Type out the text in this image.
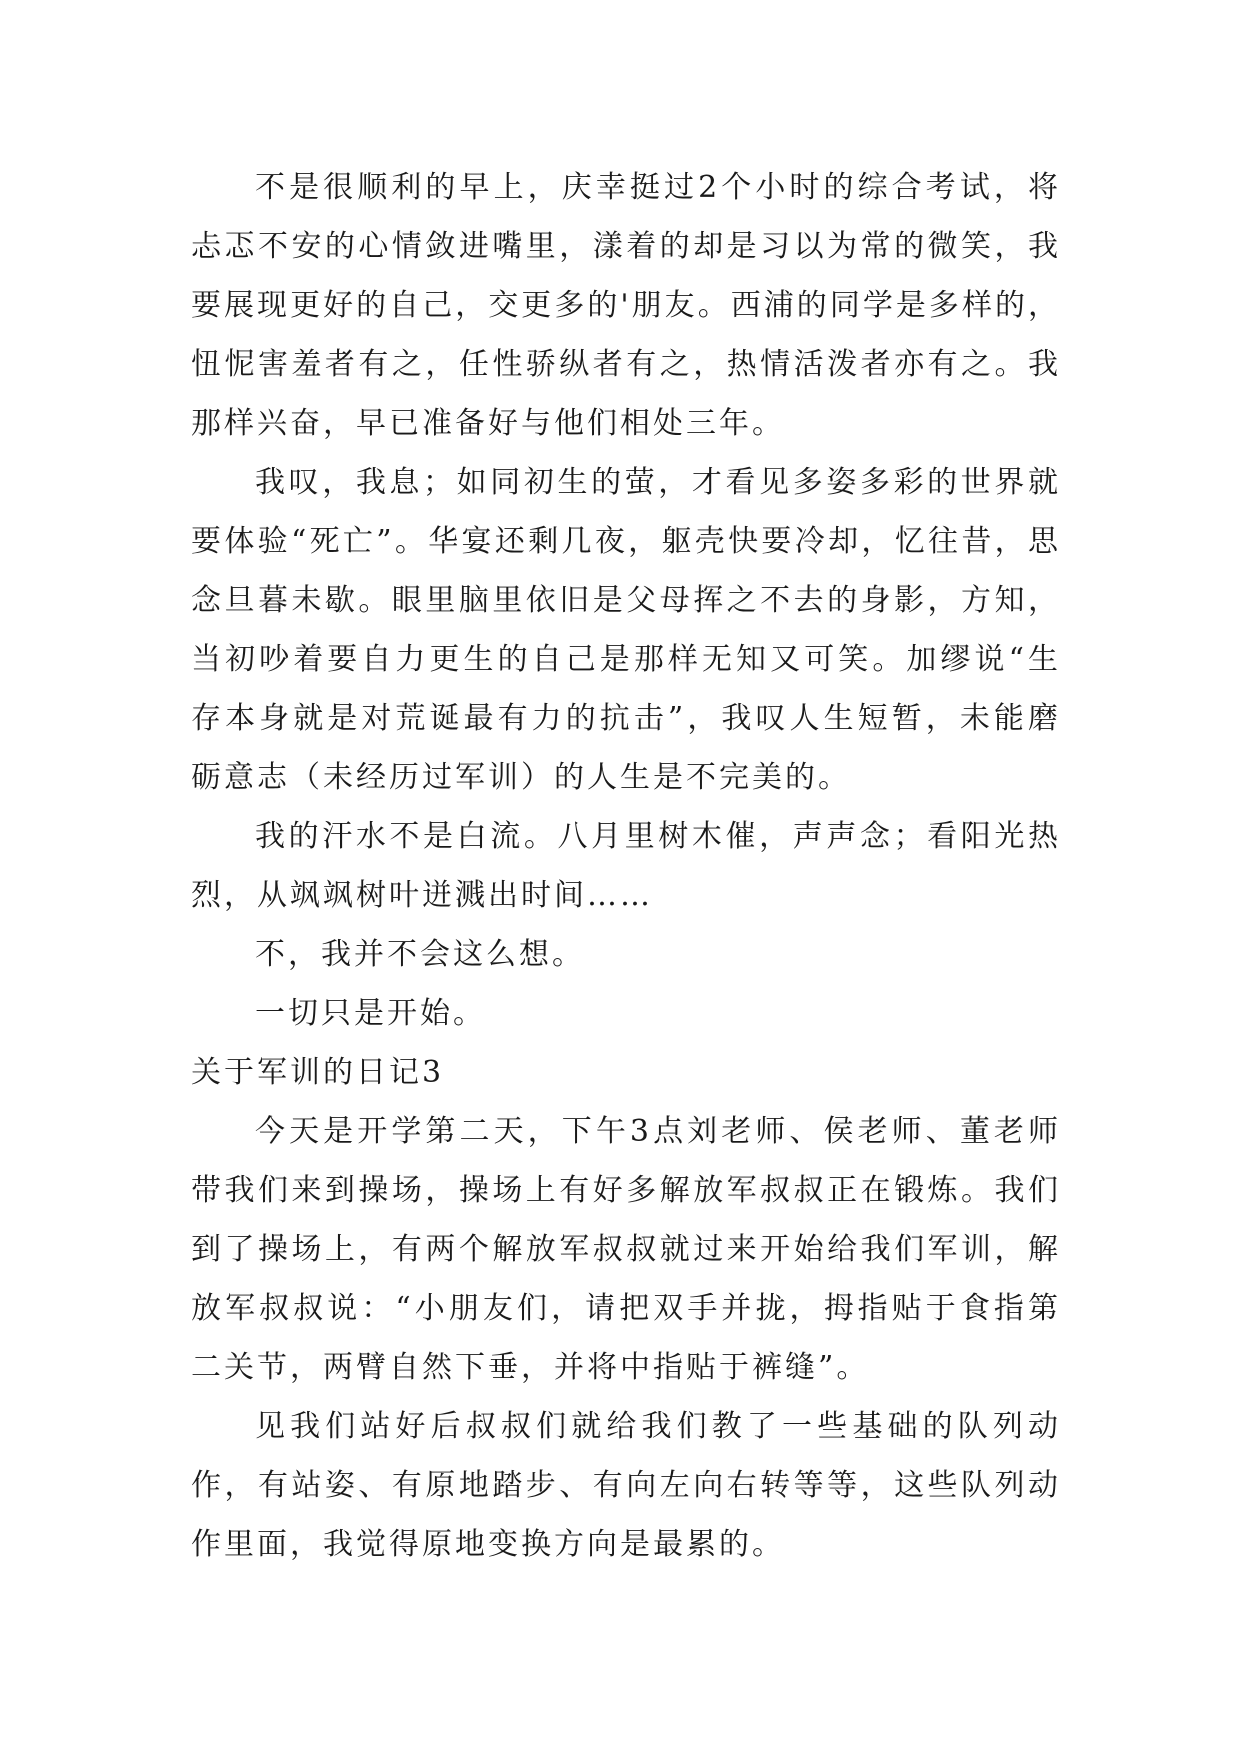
不是很顺利的早上，庆幸挺过2个小时的综合考试，将忐忑不安的心情敛进嘴里，漾着的却是习以为常的微笑，我要展现更好的自己，交更多的'朋友。西浦的同学是多样的，忸怩害羞者有之，任性骄纵者有之，热情活泼者亦有之。我那样兴奋，早已准备好与他们相处三年。

我叹，我息；如同初生的萤，才看见多姿多彩的世界就要体验“死亡”。华宴还剩几夜，躯壳快要冷却，忆往昔，思念旦暮未歇。眼里脑里依旧是父母挥之不去的身影，方知，当初吵着要自力更生的自己是那样无知又可笑。加缪说“生存本身就是对荒诞最有力的抗击”，我叹人生短暂，未能磨砺意志（未经历过军训）的人生是不完美的。

我的汗水不是白流。八月里树木催，声声念；看阳光热烈，从飒飒树叶迸溅出时间……

不，我并不会这么想。

一切只是开始。

关于军训的日记3

今天是开学第二天，下午3点刘老师、侯老师、董老师带我们来到操场，操场上有好多解放军叔叔正在锻炼。我们到了操场上，有两个解放军叔叔就过来开始给我们军训，解放军叔叔说：“小朋友们，请把双手并拢，拇指贴于食指第二关节，两臂自然下垂，并将中指贴于裤缝”。

见我们站好后叔叔们就给我们教了一些基础的队列动作，有站姿、有原地踏步、有向左向右转等等，这些队列动作里面，我觉得原地变换方向是最累的。
